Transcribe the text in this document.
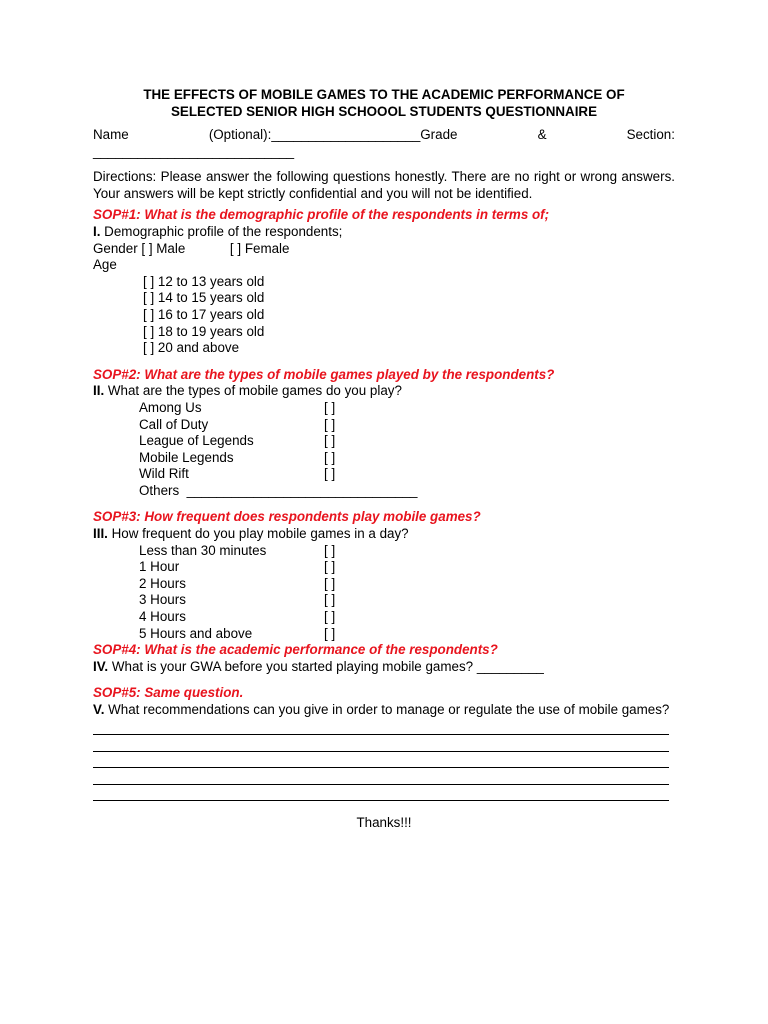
THE EFFECTS OF MOBILE GAMES TO THE ACADEMIC PERFORMANCE OF
SELECTED SENIOR HIGH SCHOOOL STUDENTS QUESTIONNAIRE
Name	(Optional):____________________Grade	&	Section:
___________________________
Directions: Please answer the following questions honestly. There are no right or wrong answers. Your answers will be kept strictly confidential and you will not be identified.
SOP#1: What is the demographic profile of the respondents in terms of;
I. Demographic profile of the respondents;
Gender [ ] Male            [ ] Female
Age
[ ] 12 to 13 years old
[ ] 14 to 15 years old
[ ] 16 to 17 years old
[ ] 18 to 19 years old
[ ] 20 and above
SOP#2: What are the types of mobile games played by the respondents?
II. What are the types of mobile games do you play?
Among Us	[ ]
Call of Duty	[ ]
League of Legends	[ ]
Mobile Legends	[ ]
Wild Rift	[ ]
Others  _______________________________
SOP#3: How frequent does respondents play mobile games?
III. How frequent do you play mobile games in a day?
Less than 30 minutes	[ ]
1 Hour	[ ]
2 Hours	[ ]
3 Hours	[ ]
4 Hours	[ ]
5 Hours and above	[ ]
SOP#4: What is the academic performance of the respondents?
IV. What is your GWA before you started playing mobile games? _________
SOP#5: Same question.
V. What recommendations can you give in order to manage or regulate the use of mobile games?
Thanks!!!
